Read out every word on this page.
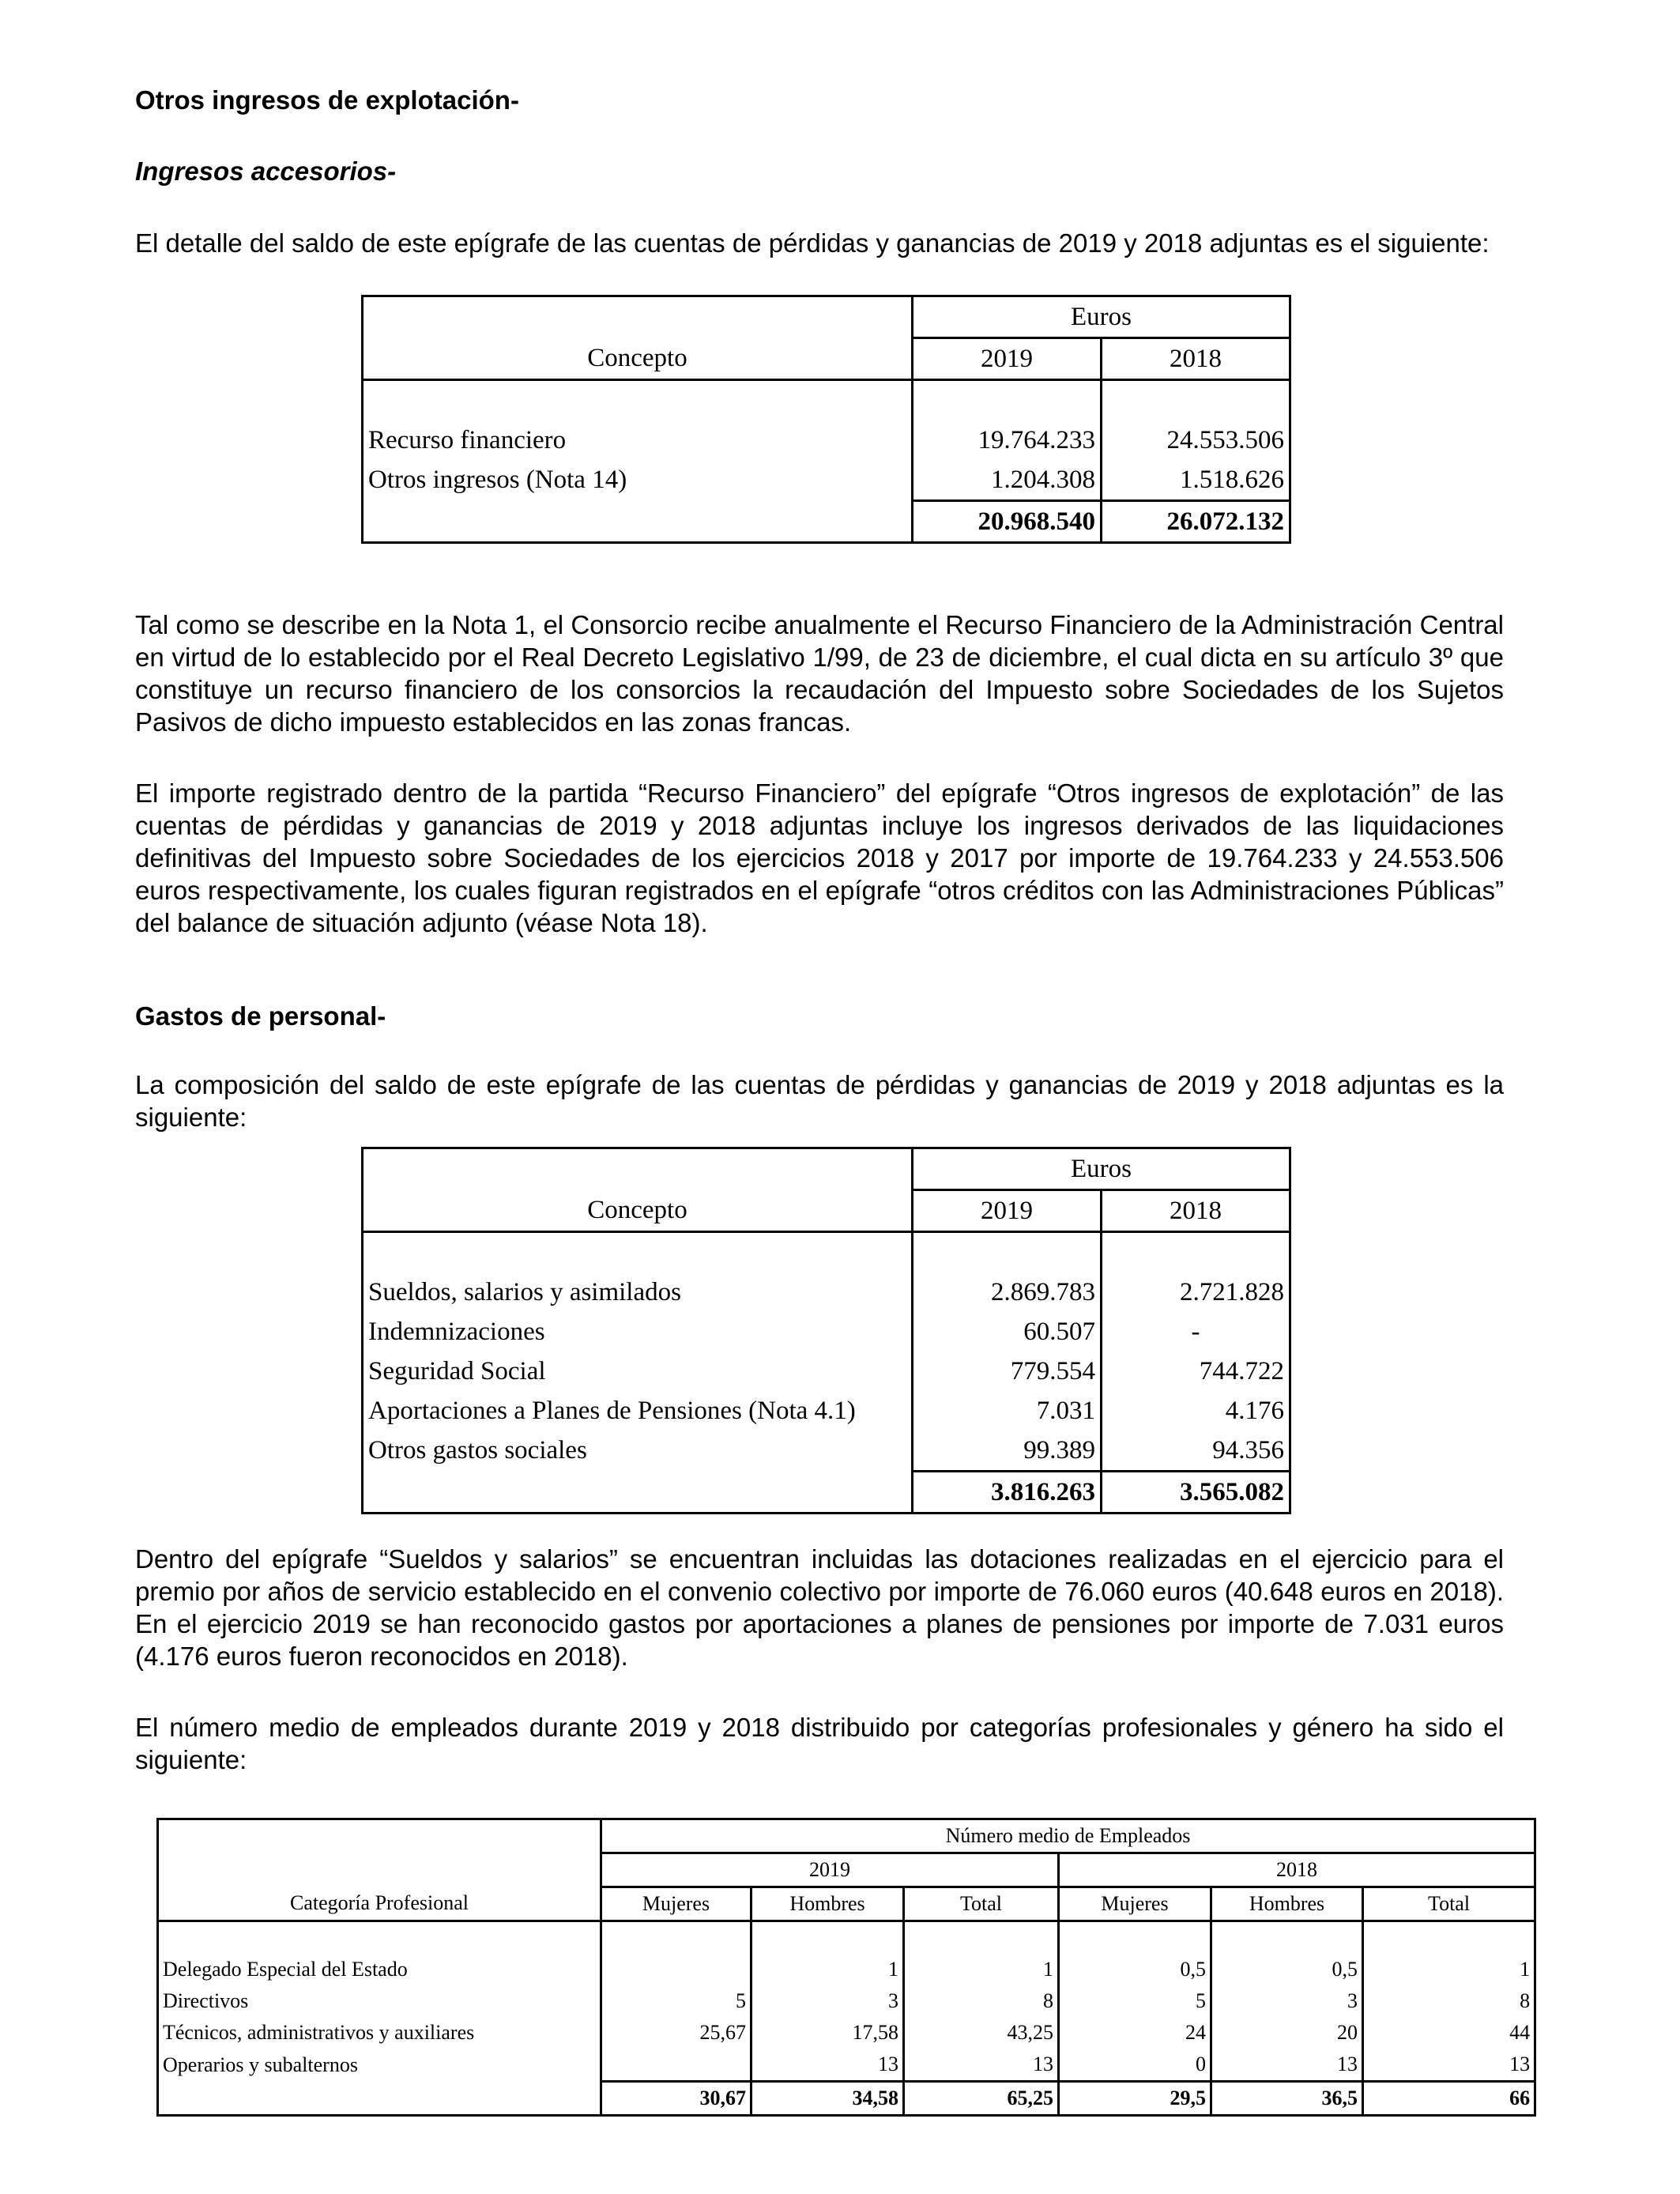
Otros ingresos de explotación-
Ingresos accesorios-
El detalle del saldo de este epígrafe de las cuentas de pérdidas y ganancias de 2019 y 2018 adjuntas es el siguiente:
	Euros	
Concepto	2019	2018

Recurso financiero	19.764.233	24.553.506
Otros ingresos (Nota 14)	1.204.308	1.518.626
	20.968.540	26.072.132
Tal como se describe en la Nota 1, el Consorcio recibe anualmente el Recurso Financiero de la Administración Central en virtud de lo establecido por el Real Decreto Legislativo 1/99, de 23 de diciembre, el cual dicta en su artículo 3º que constituye un recurso financiero de los consorcios la recaudación del Impuesto sobre Sociedades de los Sujetos Pasivos de dicho impuesto establecidos en las zonas francas.
El importe registrado dentro de la partida “Recurso Financiero” del epígrafe “Otros ingresos de explotación” de las cuentas de pérdidas y ganancias de 2019 y 2018 adjuntas incluye los ingresos derivados de las liquidaciones definitivas del Impuesto sobre Sociedades de los ejercicios 2018 y 2017 por importe de 19.764.233 y 24.553.506 euros respectivamente, los cuales figuran registrados en el epígrafe “otros créditos con las Administraciones Públicas” del balance de situación adjunto (véase Nota 18).
Gastos de personal-
La composición del saldo de este epígrafe de las cuentas de pérdidas y ganancias de 2019 y 2018 adjuntas es la siguiente:
	Euros	
Concepto	2019	2018

Sueldos, salarios y asimilados	2.869.783	2.721.828
Indemnizaciones	60.507	-
Seguridad Social	779.554	744.722
Aportaciones a Planes de Pensiones (Nota 4.1)	7.031	4.176
Otros gastos sociales	99.389	94.356
	3.816.263	3.565.082
Dentro del epígrafe “Sueldos y salarios” se encuentran incluidas las dotaciones realizadas en el ejercicio para el premio por años de servicio establecido en el convenio colectivo por importe de 76.060 euros (40.648 euros en 2018). En el ejercicio 2019 se han reconocido gastos por aportaciones a planes de pensiones por importe de 7.031 euros (4.176 euros fueron reconocidos en 2018).
El número medio de empleados durante 2019 y 2018 distribuido por categorías profesionales y género ha sido el siguiente:
	Número medio de Empleados					
	2019			2018		
Categoría Profesional	Mujeres	Hombres	Total	Mujeres	Hombres	Total

Delegado Especial del Estado		1	1	0,5	0,5	1
Directivos	5	3	8	5	3	8
Técnicos, administrativos y auxiliares	25,67	17,58	43,25	24	20	44
Operarios y subalternos		13	13	0	13	13
	30,67	34,58	65,25	29,5	36,5	66
